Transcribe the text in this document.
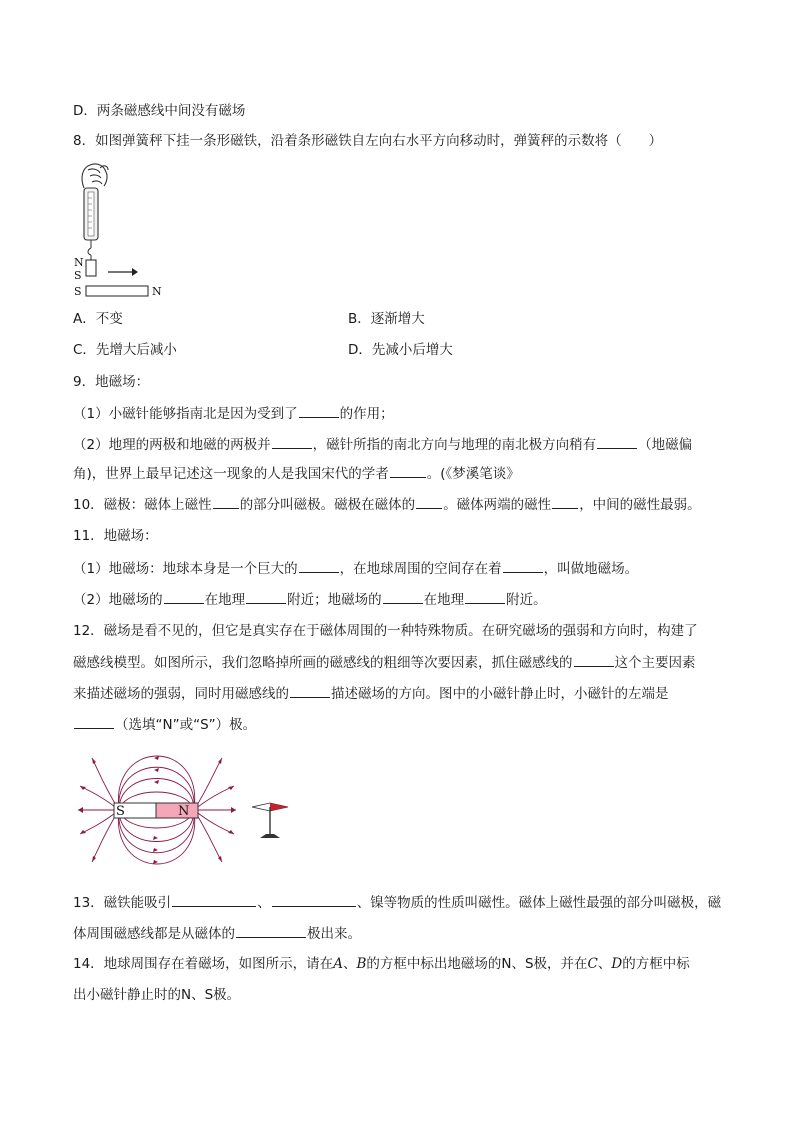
D．两条磁感线中间没有磁场
8．如图弹簧秤下挂一条形磁铁，沿着条形磁铁自左向右水平方向移动时，弹簧秤的示数将（　　）
N
S
S	N
A．不变	B．逐渐增大
C．先增大后减小	D．先减小后增大
9．地磁场：
（1）小磁针能够指南北是因为受到了	的作用；
（2）地理的两极和地磁的两极并	，磁针所指的南北方向与地理的南北极方向稍有	（地磁偏
角)，世界上最早记述这一现象的人是我国宋代的学者	。(《梦溪笔谈》
10．磁极：磁体上磁性 的部分叫磁极。磁极在磁体的 。磁体两端的磁性 ，中间的磁性最弱。
11．地磁场：
（1）地磁场：地球本身是一个巨大的	，在地球周围的空间存在着	，叫做地磁场。
（2）地磁场的	在地理	附近；地磁场的	在地理	附近。
12．磁场是看不见的，但它是真实存在于磁体周围的一种特殊物质。在研究磁场的强弱和方向时，构建了
磁感线模型。如图所示，我们忽略掉所画的磁感线的粗细等次要因素，抓住磁感线的	这个主要因素
来描述磁场的强弱，同时用磁感线的	描述磁场的方向。图中的小磁针静止时，小磁针的左端是
（选填“N”或“S”）极。
S	N
13．磁铁能吸引	、	、镍等物质的性质叫磁性。磁体上磁性最强的部分叫磁极，磁
体周围磁感线都是从磁体的	极出来。
14．地球周围存在着磁场，如图所示，请在A、B的方框中标出地磁场的N、S极，并在C、D的方框中标
出小磁针静止时的N、S极。
